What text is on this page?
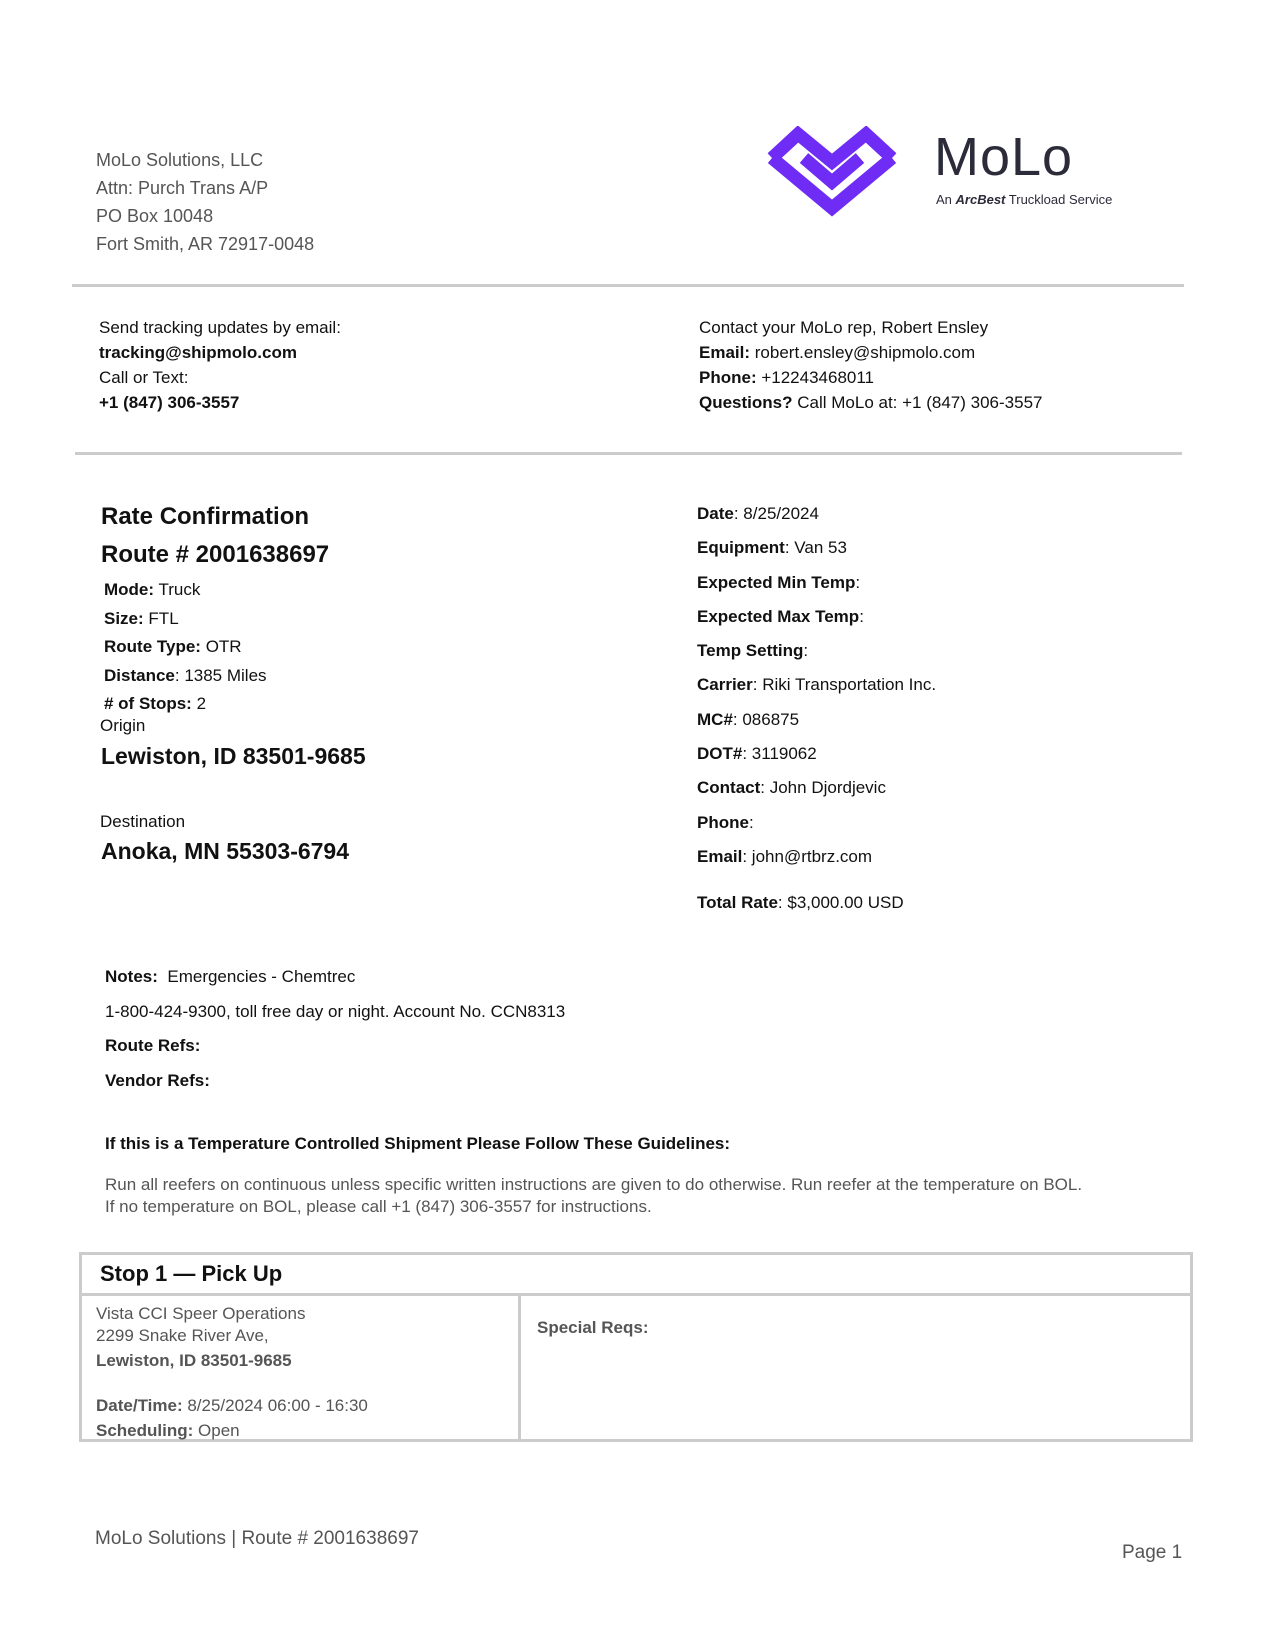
MoLo Solutions, LLC
Attn: Purch Trans A/P
PO Box 10048
Fort Smith, AR 72917-0048
MoLo
An ArcBest Truckload Service
Send tracking updates by email:
tracking@shipmolo.com
Call or Text:
+1 (847) 306-3557
Contact your MoLo rep, Robert Ensley
Email: robert.ensley@shipmolo.com
Phone: +12243468011
Questions? Call MoLo at: +1 (847) 306-3557
Rate Confirmation
Route # 2001638697
Mode: Truck
Size: FTL
Route Type: OTR
Distance: 1385 Miles
# of Stops: 2
Origin
Lewiston, ID 83501-9685
Destination
Anoka, MN 55303-6794
Date: 8/25/2024
Equipment: Van 53
Expected Min Temp:
Expected Max Temp:
Temp Setting:
Carrier: Riki Transportation Inc.
MC#: 086875
DOT#: 3119062
Contact: John Djordjevic
Phone:
Email: john@rtbrz.com
Total Rate: $3,000.00 USD
Notes: Emergencies - Chemtrec
1-800-424-9300, toll free day or night. Account No. CCN8313
Route Refs:
Vendor Refs:
If this is a Temperature Controlled Shipment Please Follow These Guidelines:
Run all reefers on continuous unless specific written instructions are given to do otherwise. Run reefer at the temperature on BOL.
If no temperature on BOL, please call +1 (847) 306-3557 for instructions.
Stop 1 — Pick Up
Vista CCI Speer Operations
2299 Snake River Ave,
Lewiston, ID 83501-9685
Date/Time: 8/25/2024 06:00 - 16:30
Scheduling: Open
Special Reqs:
MoLo Solutions | Route # 2001638697
Page 1
